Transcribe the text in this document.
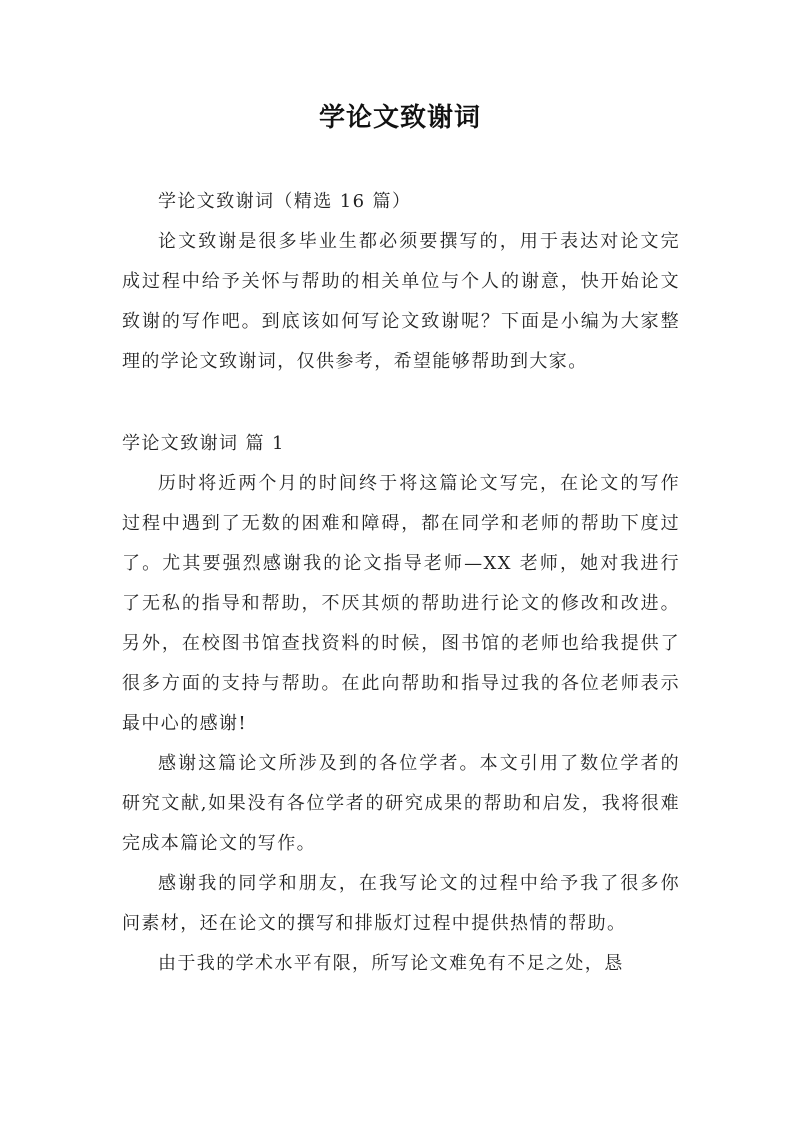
学论文致谢词

学论文致谢词（精选 16 篇）

论文致谢是很多毕业生都必须要撰写的，用于表达对论文完成过程中给予关怀与帮助的相关单位与个人的谢意，快开始论文致谢的写作吧。到底该如何写论文致谢呢？下面是小编为大家整理的学论文致谢词，仅供参考，希望能够帮助到大家。

学论文致谢词 篇 1

历时将近两个月的时间终于将这篇论文写完，在论文的写作过程中遇到了无数的困难和障碍，都在同学和老师的帮助下度过了。尤其要强烈感谢我的论文指导老师—XX 老师，她对我进行了无私的指导和帮助，不厌其烦的帮助进行论文的修改和改进。另外，在校图书馆查找资料的时候，图书馆的老师也给我提供了很多方面的支持与帮助。在此向帮助和指导过我的各位老师表示最中心的感谢!

感谢这篇论文所涉及到的各位学者。本文引用了数位学者的研究文献,如果没有各位学者的研究成果的帮助和启发，我将很难完成本篇论文的写作。

感谢我的同学和朋友，在我写论文的过程中给予我了很多你问素材，还在论文的撰写和排版灯过程中提供热情的帮助。

由于我的学术水平有限，所写论文难免有不足之处，恳
